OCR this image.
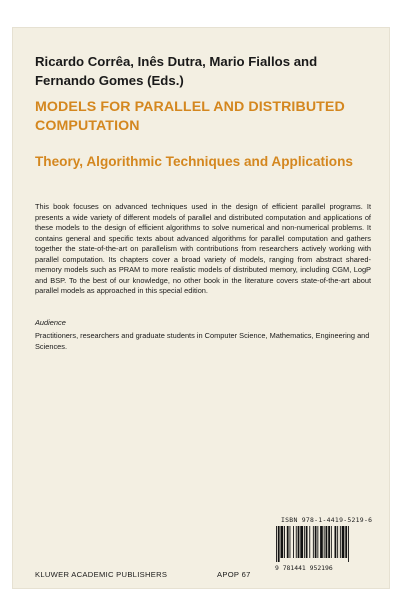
Ricardo Corrêa, Inês Dutra, Mario Fiallos and Fernando Gomes (Eds.)

MODELS FOR PARALLEL AND DISTRIBUTED COMPUTATION

Theory, Algorithmic Techniques and Applications

This book focuses on advanced techniques used in the design of efficient parallel programs. It presents a wide variety of different models of parallel and distributed computation and applications of these models to the design of efficient algorithms to solve numerical and non-numerical problems. It contains general and specific texts about advanced algorithms for parallel computation and gathers together the state-of-the-art on parallelism with contributions from researchers actively working with parallel computation. Its chapters cover a broad variety of models, ranging from abstract shared-memory models such as PRAM to more realistic models of distributed memory, including CGM, LogP and BSP. To the best of our knowledge, no other book in the literature covers state-of-the-art about parallel models as approached in this special edition.

Audience

Practitioners, researchers and graduate students in Computer Science, Mathematics, Engineering and Sciences.

ISBN 978-1-4419-5219-6
9 781441 952196
KLUWER ACADEMIC PUBLISHERS	APOP 67
